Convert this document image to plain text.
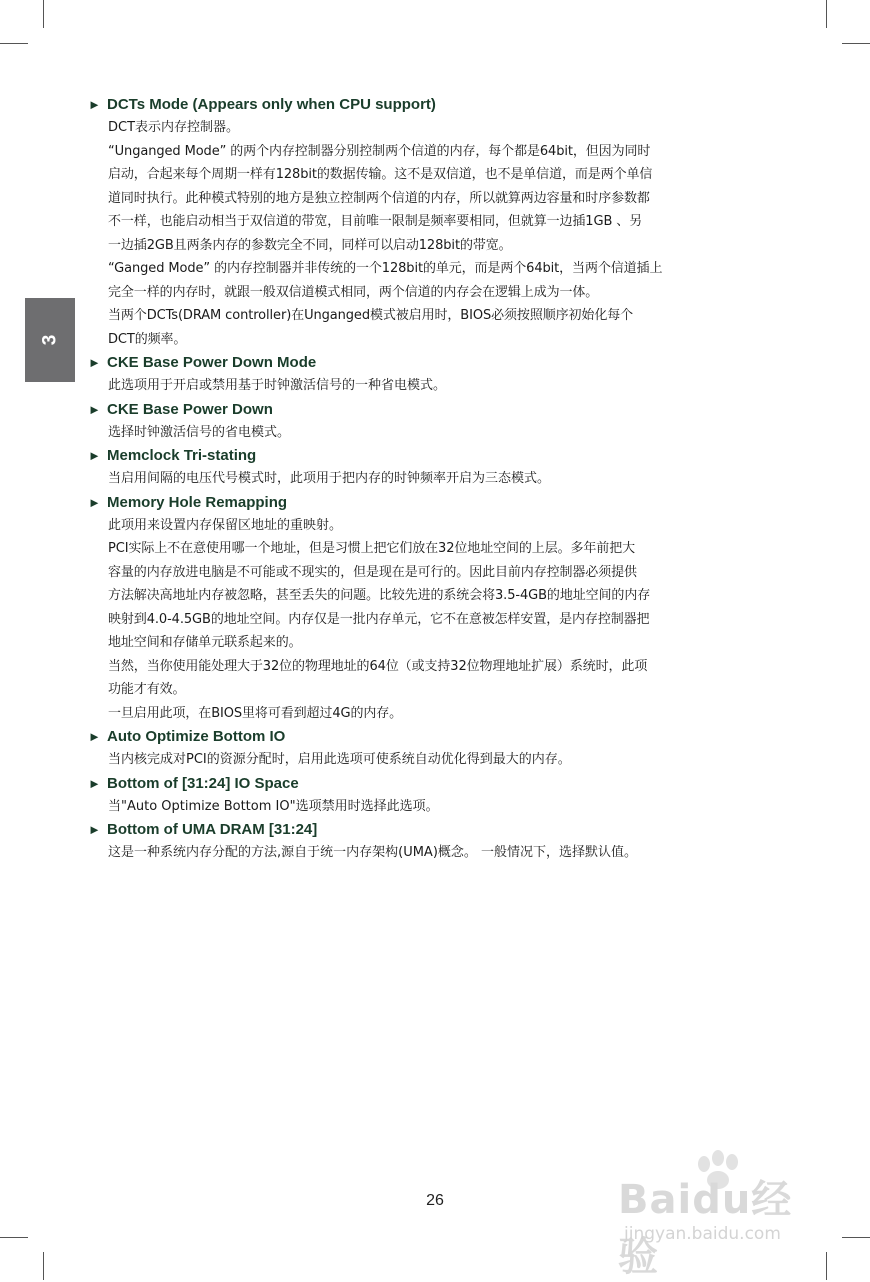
3
► DCTs Mode (Appears only when CPU support)
DCT表示内存控制器。
“Unganged Mode” 的两个内存控制器分别控制两个信道的内存，每个都是64bit，但因为同时
启动，合起来每个周期一样有128bit的数据传输。这不是双信道，也不是单信道，而是两个单信
道同时执行。此种模式特别的地方是独立控制两个信道的内存，所以就算两边容量和时序参数都
不一样，也能启动相当于双信道的带宽，目前唯一限制是频率要相同，但就算一边插1GB 、另
一边插2GB且两条内存的参数完全不同，同样可以启动128bit的带宽。
“Ganged Mode” 的内存控制器并非传统的一个128bit的单元，而是两个64bit，当两个信道插上
完全一样的内存时，就跟一般双信道模式相同，两个信道的内存会在逻辑上成为一体。
当两个DCTs(DRAM controller)在Unganged模式被启用时，BIOS必须按照顺序初始化每个
DCT的频率。
► CKE Base Power Down Mode
此选项用于开启或禁用基于时钟激活信号的一种省电模式。
► CKE Base Power Down
选择时钟激活信号的省电模式。
► Memclock Tri-stating
当启用间隔的电压代号模式时，此项用于把内存的时钟频率开启为三态模式。
► Memory Hole Remapping
此项用来设置内存保留区地址的重映射。
PCI实际上不在意使用哪一个地址，但是习惯上把它们放在32位地址空间的上层。多年前把大
容量的内存放进电脑是不可能或不现实的，但是现在是可行的。因此目前内存控制器必须提供
方法解决高地址内存被忽略，甚至丢失的问题。比较先进的系统会将3.5-4GB的地址空间的内存
映射到4.0-4.5GB的地址空间。内存仅是一批内存单元，它不在意被怎样安置，是内存控制器把
地址空间和存储单元联系起来的。
当然，当你使用能处理大于32位的物理地址的64位（或支持32位物理地址扩展）系统时，此项
功能才有效。
一旦启用此项，在BIOS里将可看到超过4G的内存。
► Auto Optimize Bottom IO
当内核完成对PCI的资源分配时，启用此选项可使系统自动优化得到最大的内存。
► Bottom of [31:24] IO Space
当"Auto Optimize Bottom IO"选项禁用时选择此选项。
► Bottom of UMA DRAM [31:24]
这是一种系统内存分配的方法,源自于统一内存架构(UMA)概念。 一般情况下，选择默认值。
26	Baidu经验
jingyan.baidu.com
